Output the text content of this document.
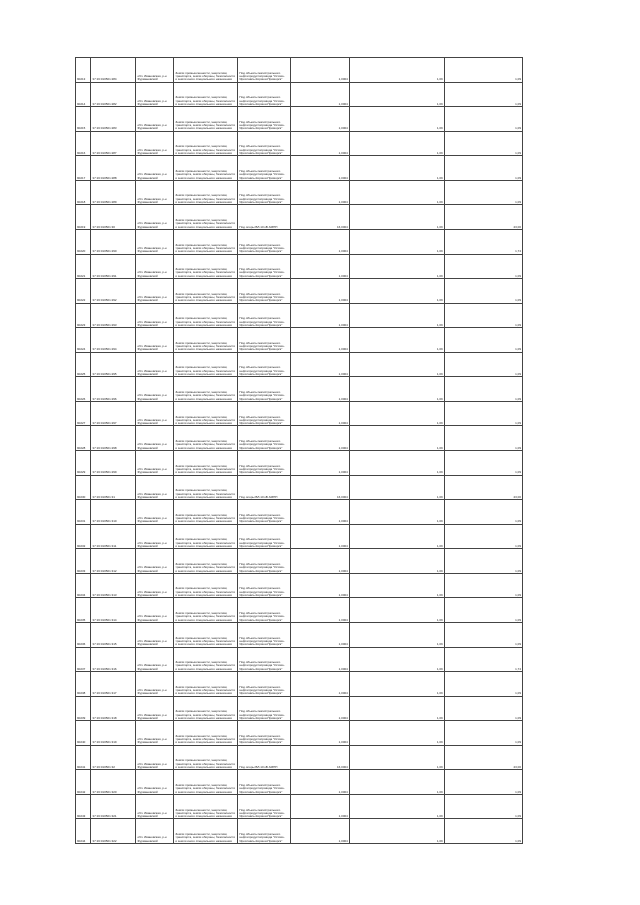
90213	37:16:010501:284	обл. Ивановская, р-н Фурмановский	Земли промышленности, энергетики, транспорта, земли обороны, безопасности и земли иного специального назначения	Под объекты магистрального нефтепродуктопровода "Кстово-Ярославль-Кириши-Приморск"	1,0004	1,09	1,09
90214	37:16:010501:282	обл. Ивановская, р-н Фурмановский	Земли промышленности, энергетики, транспорта, земли обороны, безопасности и земли иного специального назначения	Под объекты магистрального нефтепродуктопровода "Кстово-Ярославль-Кириши-Приморск"	1,0004	1,09	1,09
90215	37:16:010501:283	обл. Ивановская, р-н Фурмановский	Земли промышленности, энергетики, транспорта, земли обороны, безопасности и земли иного специального назначения	Под объекты магистрального нефтепродуктопровода "Кстово-Ярославль-Кириши-Приморск"	1,0004	1,09	1,09
90216	37:16:010501:287	обл. Ивановская, р-н Фурмановский	Земли промышленности, энергетики, транспорта, земли обороны, безопасности и земли иного специального назначения	Под объекты магистрального нефтепродуктопровода "Кстово-Ярославль-Кириши-Приморск"	1,0004	1,09	1,09
90217	37:16:010501:288	обл. Ивановская, р-н Фурмановский	Земли промышленности, энергетики, транспорта, земли обороны, безопасности и земли иного специального назначения	Под объекты магистрального нефтепродуктопровода "Кстово-Ярославль-Кириши-Приморск"	1,0004	1,09	1,09
90218	37:16:010501:289	обл. Ивановская, р-н Фурмановский	Земли промышленности, энергетики, транспорта, земли обороны, безопасности и земли иного специального назначения	Под объекты магистрального нефтепродуктопровода "Кстово-Ярославль-Кириши-Приморск"	1,0004	1,09	1,09
90219	37:16:010501:30	обл. Ивановская, р-н Фурмановский	Земли промышленности, энергетики, транспорта, земли обороны, безопасности и земли иного специального назначения	Под опоры ВЛ-10 кВ АМПП	16,0004	1,09	23,00
90220	37:16:010501:290	обл. Ивановская, р-н Фурмановский	Земли промышленности, энергетики, транспорта, земли обороны, безопасности и земли иного специального назначения	Под объекты магистрального нефтепродуктопровода "Кстово-Ярославль-Кириши-Приморск"	1,0004	1,09	1,74
90221	37:16:010501:291	обл. Ивановская, р-н Фурмановский	Земли промышленности, энергетики, транспорта, земли обороны, безопасности и земли иного специального назначения	Под объекты магистрального нефтепродуктопровода "Кстово-Ярославль-Кириши-Приморск"	1,0004	1,09	1,09
90222	37:16:010501:292	обл. Ивановская, р-н Фурмановский	Земли промышленности, энергетики, транспорта, земли обороны, безопасности и земли иного специального назначения	Под объекты магистрального нефтепродуктопровода "Кстово-Ярославль-Кириши-Приморск"	1,0004	1,09	1,09
90223	37:16:010501:293	обл. Ивановская, р-н Фурмановский	Земли промышленности, энергетики, транспорта, земли обороны, безопасности и земли иного специального назначения	Под объекты магистрального нефтепродуктопровода "Кстово-Ярославль-Кириши-Приморск"	1,0004	1,09	1,09
90224	37:16:010501:294	обл. Ивановская, р-н Фурмановский	Земли промышленности, энергетики, транспорта, земли обороны, безопасности и земли иного специального назначения	Под объекты магистрального нефтепродуктопровода "Кстово-Ярославль-Кириши-Приморск"	1,0004	1,09	1,09
90225	37:16:010501:295	обл. Ивановская, р-н Фурмановский	Земли промышленности, энергетики, транспорта, земли обороны, безопасности и земли иного специального назначения	Под объекты магистрального нефтепродуктопровода "Кстово-Ярославль-Кириши-Приморск"	1,0004	1,09	1,09
90226	37:16:010501:296	обл. Ивановская, р-н Фурмановский	Земли промышленности, энергетики, транспорта, земли обороны, безопасности и земли иного специального назначения	Под объекты магистрального нефтепродуктопровода "Кстово-Ярославль-Кириши-Приморск"	1,0004	1,09	1,09
90227	37:16:010501:297	обл. Ивановская, р-н Фурмановский	Земли промышленности, энергетики, транспорта, земли обороны, безопасности и земли иного специального назначения	Под объекты магистрального нефтепродуктопровода "Кстово-Ярославль-Кириши-Приморск"	1,0004	1,09	1,09
90228	37:16:010501:298	обл. Ивановская, р-н Фурмановский	Земли промышленности, энергетики, транспорта, земли обороны, безопасности и земли иного специального назначения	Под объекты магистрального нефтепродуктопровода "Кстово-Ярославль-Кириши-Приморск"	1,0004	1,09	1,09
90229	37:16:010501:299	обл. Ивановская, р-н Фурмановский	Земли промышленности, энергетики, транспорта, земли обороны, безопасности и земли иного специального назначения	Под объекты магистрального нефтепродуктопровода "Кстово-Ярославль-Кириши-Приморск"	1,0004	1,09	1,09
90230	37:16:010501:31	обл. Ивановская, р-н Фурмановский	Земли промышленности, энергетики, транспорта, земли обороны, безопасности и земли иного специального назначения	Под опоры ВЛ-10 кВ АМПП	16,0004	1,09	23,00
90231	37:16:010501:310	обл. Ивановская, р-н Фурмановский	Земли промышленности, энергетики, транспорта, земли обороны, безопасности и земли иного специального назначения	Под объекты магистрального нефтепродуктопровода "Кстово-Ярославль-Кириши-Приморск"	1,0004	1,09	1,09
90232	37:16:010501:311	обл. Ивановская, р-н Фурмановский	Земли промышленности, энергетики, транспорта, земли обороны, безопасности и земли иного специального назначения	Под объекты магистрального нефтепродуктопровода "Кстово-Ярославль-Кириши-Приморск"	1,0004	1,09	1,09
90233	37:16:010501:312	обл. Ивановская, р-н Фурмановский	Земли промышленности, энергетики, транспорта, земли обороны, безопасности и земли иного специального назначения	Под объекты магистрального нефтепродуктопровода "Кстово-Ярославль-Кириши-Приморск"	1,0004	1,09	1,09
90234	37:16:010501:313	обл. Ивановская, р-н Фурмановский	Земли промышленности, энергетики, транспорта, земли обороны, безопасности и земли иного специального назначения	Под объекты магистрального нефтепродуктопровода "Кстово-Ярославль-Кириши-Приморск"	1,0004	1,09	1,09
90235	37:16:010501:314	обл. Ивановская, р-н Фурмановский	Земли промышленности, энергетики, транспорта, земли обороны, безопасности и земли иного специального назначения	Под объекты магистрального нефтепродуктопровода "Кстово-Ярославль-Кириши-Приморск"	1,0004	1,09	1,09
90236	37:16:010501:315	обл. Ивановская, р-н Фурмановский	Земли промышленности, энергетики, транспорта, земли обороны, безопасности и земли иного специального назначения	Под объекты магистрального нефтепродуктопровода "Кстово-Ярославль-Кириши-Приморск"	1,0004	1,09	1,09
90237	37:16:010501:316	обл. Ивановская, р-н Фурмановский	Земли промышленности, энергетики, транспорта, земли обороны, безопасности и земли иного специального назначения	Под объекты магистрального нефтепродуктопровода "Кстово-Ярославль-Кириши-Приморск"	1,0004	1,09	1,74
90238	37:16:010501:317	обл. Ивановская, р-н Фурмановский	Земли промышленности, энергетики, транспорта, земли обороны, безопасности и земли иного специального назначения	Под объекты магистрального нефтепродуктопровода "Кстово-Ярославль-Кириши-Приморск"	1,0004	1,09	1,09
90239	37:16:010501:318	обл. Ивановская, р-н Фурмановский	Земли промышленности, энергетики, транспорта, земли обороны, безопасности и земли иного специального назначения	Под объекты магистрального нефтепродуктопровода "Кстово-Ярославль-Кириши-Приморск"	1,0004	1,09	1,09
90240	37:16:010501:319	обл. Ивановская, р-н Фурмановский	Земли промышленности, энергетики, транспорта, земли обороны, безопасности и земли иного специального назначения	Под объекты магистрального нефтепродуктопровода "Кстово-Ярославль-Кириши-Приморск"	1,0004	1,09	1,09
90241	37:16:010501:32	обл. Ивановская, р-н Фурмановский	Земли промышленности, энергетики, транспорта, земли обороны, безопасности и земли иного специального назначения	Под опоры ВЛ-10 кВ АМПП	16,0004	1,09	23,00
90242	37:16:010501:320	обл. Ивановская, р-н Фурмановский	Земли промышленности, энергетики, транспорта, земли обороны, безопасности и земли иного специального назначения	Под объекты магистрального нефтепродуктопровода "Кстово-Ярославль-Кириши-Приморск"	1,0004	1,09	1,09
90243	37:16:010501:321	обл. Ивановская, р-н Фурмановский	Земли промышленности, энергетики, транспорта, земли обороны, безопасности и земли иного специального назначения	Под объекты магистрального нефтепродуктопровода "Кстово-Ярославль-Кириши-Приморск"	1,0004	1,09	1,09
90244	37:16:010501:322	обл. Ивановская, р-н Фурмановский	Земли промышленности, энергетики, транспорта, земли обороны, безопасности и земли иного специального назначения	Под объекты магистрального нефтепродуктопровода "Кстово-Ярославль-Кириши-Приморск"	1,0004	1,09	1,09
